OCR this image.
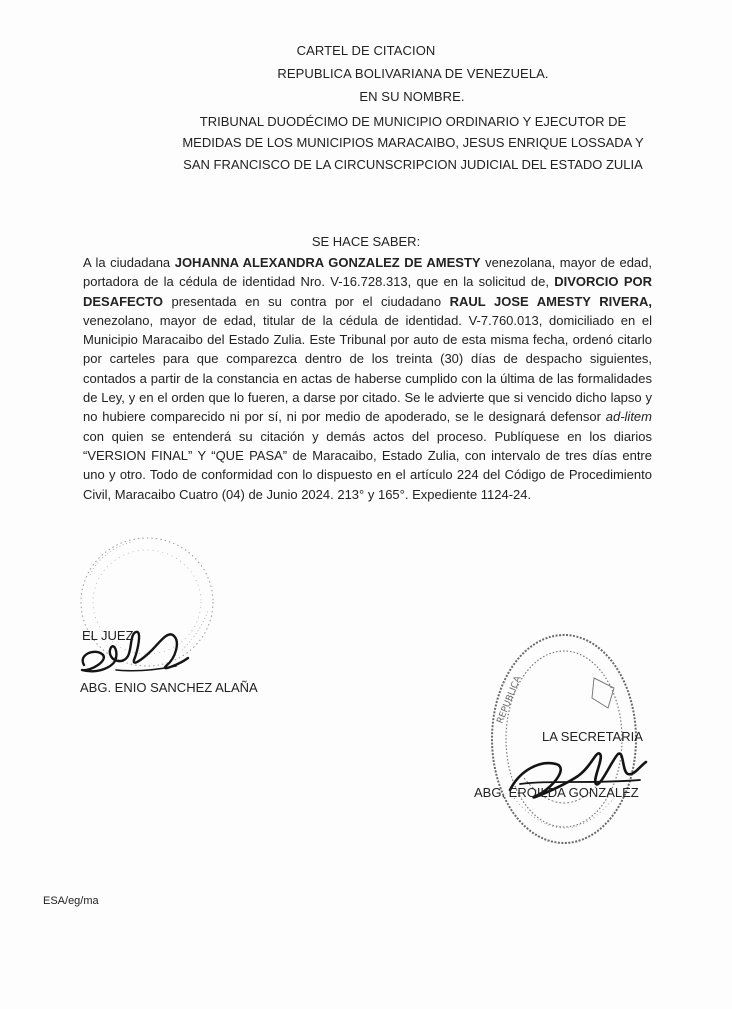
CARTEL DE CITACION
REPUBLICA BOLIVARIANA DE VENEZUELA.
EN SU NOMBRE.
TRIBUNAL DUODÉCIMO DE MUNICIPIO ORDINARIO Y EJECUTOR DE
MEDIDAS DE LOS MUNICIPIOS MARACAIBO, JESUS ENRIQUE LOSSADA Y
SAN FRANCISCO DE LA CIRCUNSCRIPCION JUDICIAL DEL ESTADO ZULIA
SE HACE SABER:
A la ciudadana JOHANNA ALEXANDRA GONZALEZ DE AMESTY venezolana, mayor de edad, portadora de la cédula de identidad Nro. V-16.728.313, que en la solicitud de, DIVORCIO POR DESAFECTO presentada en su contra por el ciudadano RAUL JOSE AMESTY RIVERA, venezolano, mayor de edad, titular de la cédula de identidad. V-7.760.013, domiciliado en el Municipio Maracaibo del Estado Zulia. Este Tribunal por auto de esta misma fecha, ordenó citarlo por carteles para que comparezca dentro de los treinta (30) días de despacho siguientes, contados a partir de la constancia en actas de haberse cumplido con la última de las formalidades de Ley, y en el orden que lo fueren, a darse por citado. Se le advierte que si vencido dicho lapso y no hubiere comparecido ni por sí, ni por medio de apoderado, se le designará defensor ad-litem con quien se entenderá su citación y demás actos del proceso. Publíquese en los diarios “VERSION FINAL” Y “QUE PASA” de Maracaibo, Estado Zulia, con intervalo de tres días entre uno y otro. Todo de conformidad con lo dispuesto en el artículo 224 del Código de Procedimiento Civil, Maracaibo Cuatro (04) de Junio 2024. 213° y 165°. Expediente 1124-24.
EL JUEZ
ABG. ENIO SANCHEZ ALAÑA	REPUBLICA
LA SECRETARIA
ABG. EROILDA GONZALEZ
ESA/eg/ma
